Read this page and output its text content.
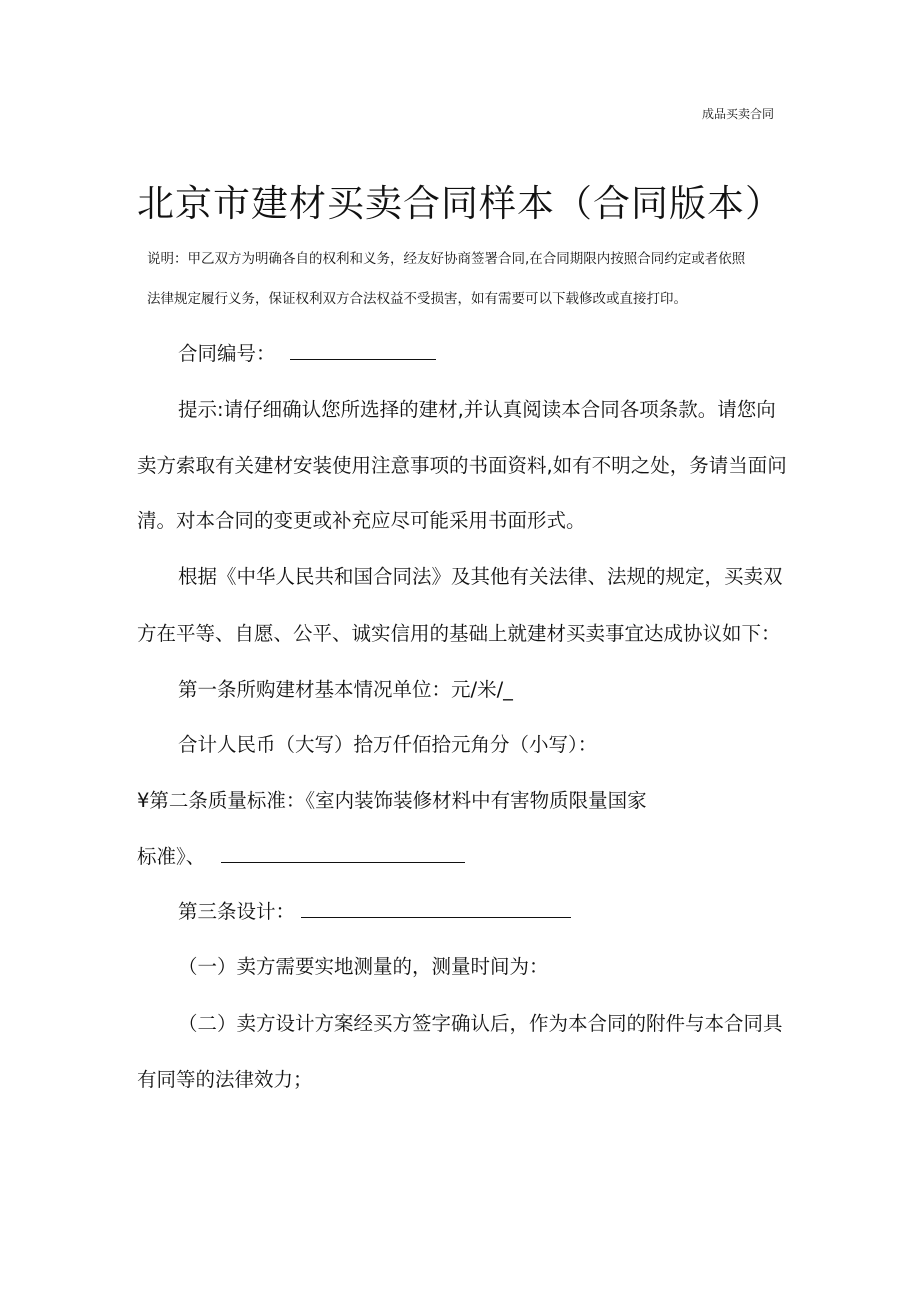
成品买卖合同
北京市建材买卖合同样本（合同版本）
说明：甲乙双方为明确各自的权利和义务，经友好协商签署合同,在合同期限内按照合同约定或者依照
法律规定履行义务，保证权利双方合法权益不受损害，如有需要可以下载修改或直接打印。
合同编号：
提示:请仔细确认您所选择的建材,并认真阅读本合同各项条款。请您向
卖方索取有关建材安装使用注意事项的书面资料,如有不明之处，务请当面问
清。对本合同的变更或补充应尽可能采用书面形式。
根据《中华人民共和国合同法》及其他有关法律、法规的规定，买卖双
方在平等、自愿、公平、诚实信用的基础上就建材买卖事宜达成协议如下：
第一条所购建材基本情况单位：元/米/_
合计人民币（大写）拾万仟佰拾元角分（小写）：
¥第二条质量标准：《室内装饰装修材料中有害物质限量国家
标准》、
第三条设计：
（一）卖方需要实地测量的，测量时间为：
（二）卖方设计方案经买方签字确认后，作为本合同的附件与本合同具
有同等的法律效力；
